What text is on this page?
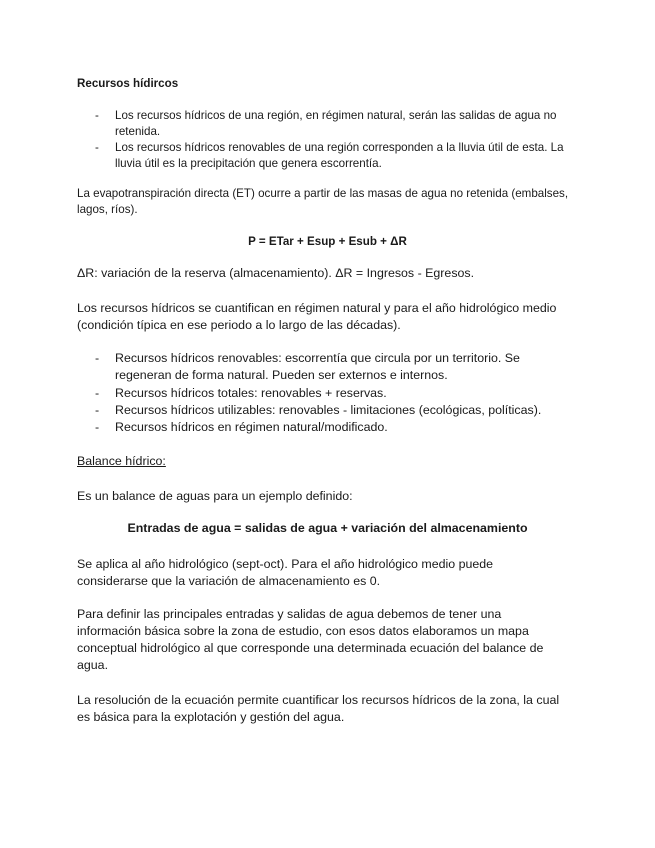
Recursos hídircos

- Los recursos hídricos de una región, en régimen natural, serán las salidas de agua no

retenida.

- Los recursos hídricos renovables de una región corresponden a la lluvia útil de esta. La

lluvia útil es la precipitación que genera escorrentía.

La evapotranspiración directa (ET) ocurre a partir de las masas de agua no retenida (embalses,

lagos, ríos).

P = ETar + Esup + Esub + ΔR

ΔR: variación de la reserva (almacenamiento). ΔR = Ingresos - Egresos.

Los recursos hídricos se cuantifican en régimen natural y para el año hidrológico medio

(condición típica en ese periodo a lo largo de las décadas).

- Recursos hídricos renovables: escorrentía que circula por un territorio. Se

regeneran de forma natural. Pueden ser externos e internos.

- Recursos hídricos totales: renovables + reservas.

- Recursos hídricos utilizables: renovables - limitaciones (ecológicas, políticas).

- Recursos hídricos en régimen natural/modificado.

Balance hídrico:

Es un balance de aguas para un ejemplo definido:

Entradas de agua = salidas de agua + variación del almacenamiento

Se aplica al año hidrológico (sept-oct). Para el año hidrológico medio puede

considerarse que la variación de almacenamiento es 0.

Para definir las principales entradas y salidas de agua debemos de tener una

información básica sobre la zona de estudio, con esos datos elaboramos un mapa

conceptual hidrológico al que corresponde una determinada ecuación del balance de

agua.

La resolución de la ecuación permite cuantificar los recursos hídricos de la zona, la cual

es básica para la explotación y gestión del agua.
